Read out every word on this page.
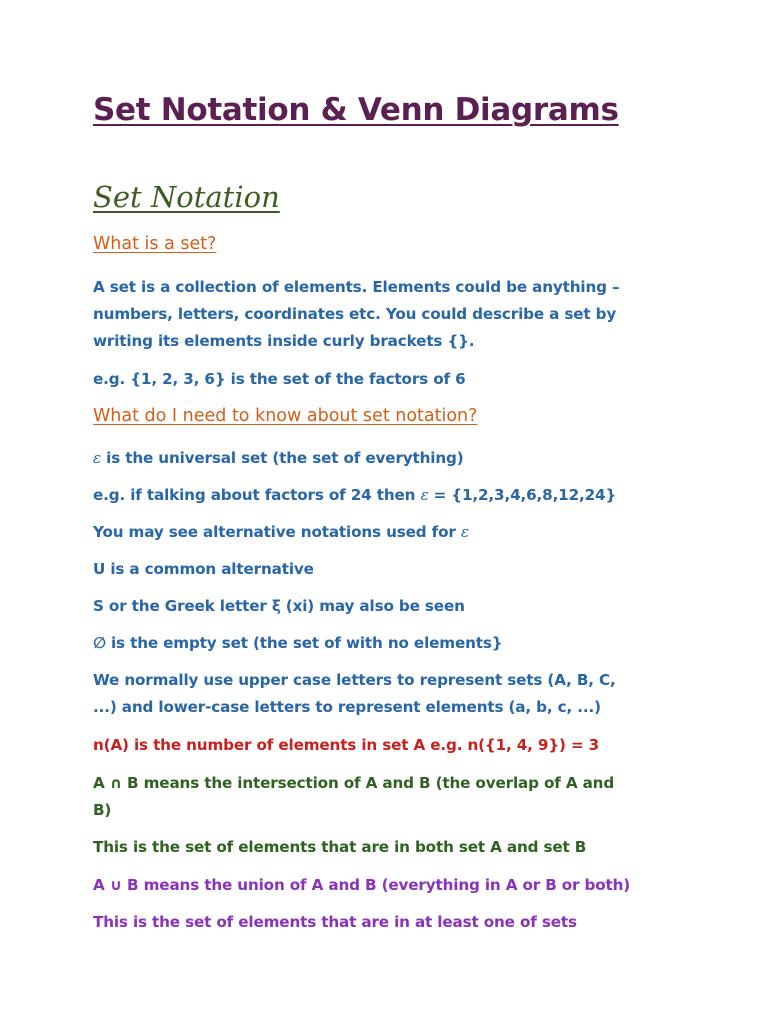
Set Notation & Venn Diagrams
Set Notation
What is a set?

A set is a collection of elements. Elements could be anything –

numbers, letters, coordinates etc. You could describe a set by

writing its elements inside curly brackets {}.

e.g. {1, 2, 3, 6} is the set of the factors of 6

What do I need to know about set notation?

ε is the universal set (the set of everything)

e.g. if talking about factors of 24 then ε = {1,2,3,4,6,8,12,24}

You may see alternative notations used for ε

U is a common alternative

S or the Greek letter ξ (xi) may also be seen

∅ is the empty set (the set of with no elements}

We normally use upper case letters to represent sets (A, B, C,

...) and lower-case letters to represent elements (a, b, c, ...)

n(A) is the number of elements in set A e.g. n({1, 4, 9}) = 3

A ∩ B means the intersection of A and B (the overlap of A and

B)

This is the set of elements that are in both set A and set B

A ∪ B means the union of A and B (everything in A or B or both)

This is the set of elements that are in at least one of sets
